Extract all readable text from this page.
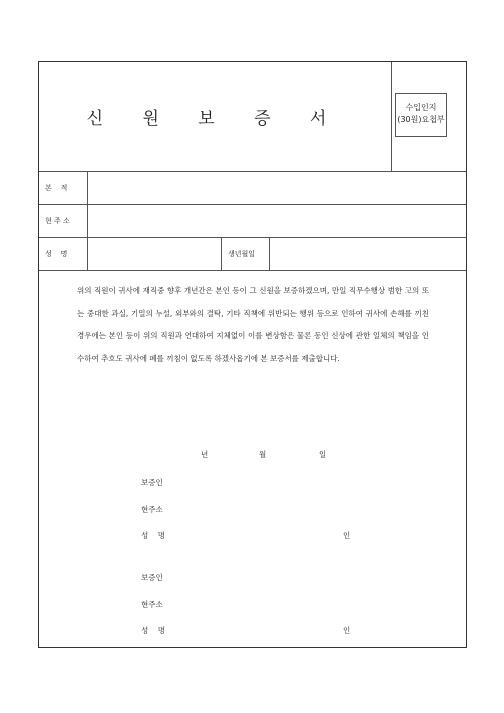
신 원 보 증 서
수입인지
(30원)요첩부
본    적
현 주 소
성    명	생년월일

위의 직원이 귀사에 재직중 향후 개년간은 본인 등이 그 신원을 보증하겠으며, 만일 직무수행상 범한 고의 또는 중대한 과실, 기밀의 누설, 외부와의 결탁, 기타 직책에 위반되는 행위 등으로 인하여 귀사에 손해를 끼친 경우에는 본인 등이 위의 직원과 연대하여 지체없이 이를 변상함은 물론 동인 신상에 관한 일체의 책임을 인수하여 추호도 귀사에 폐를 끼침이 없도록 하겠사옵기에 본 보증서를 제출합니다.

년	월	일
보증인
현주소
성    명	인
보증인
현주소
성    명	인
